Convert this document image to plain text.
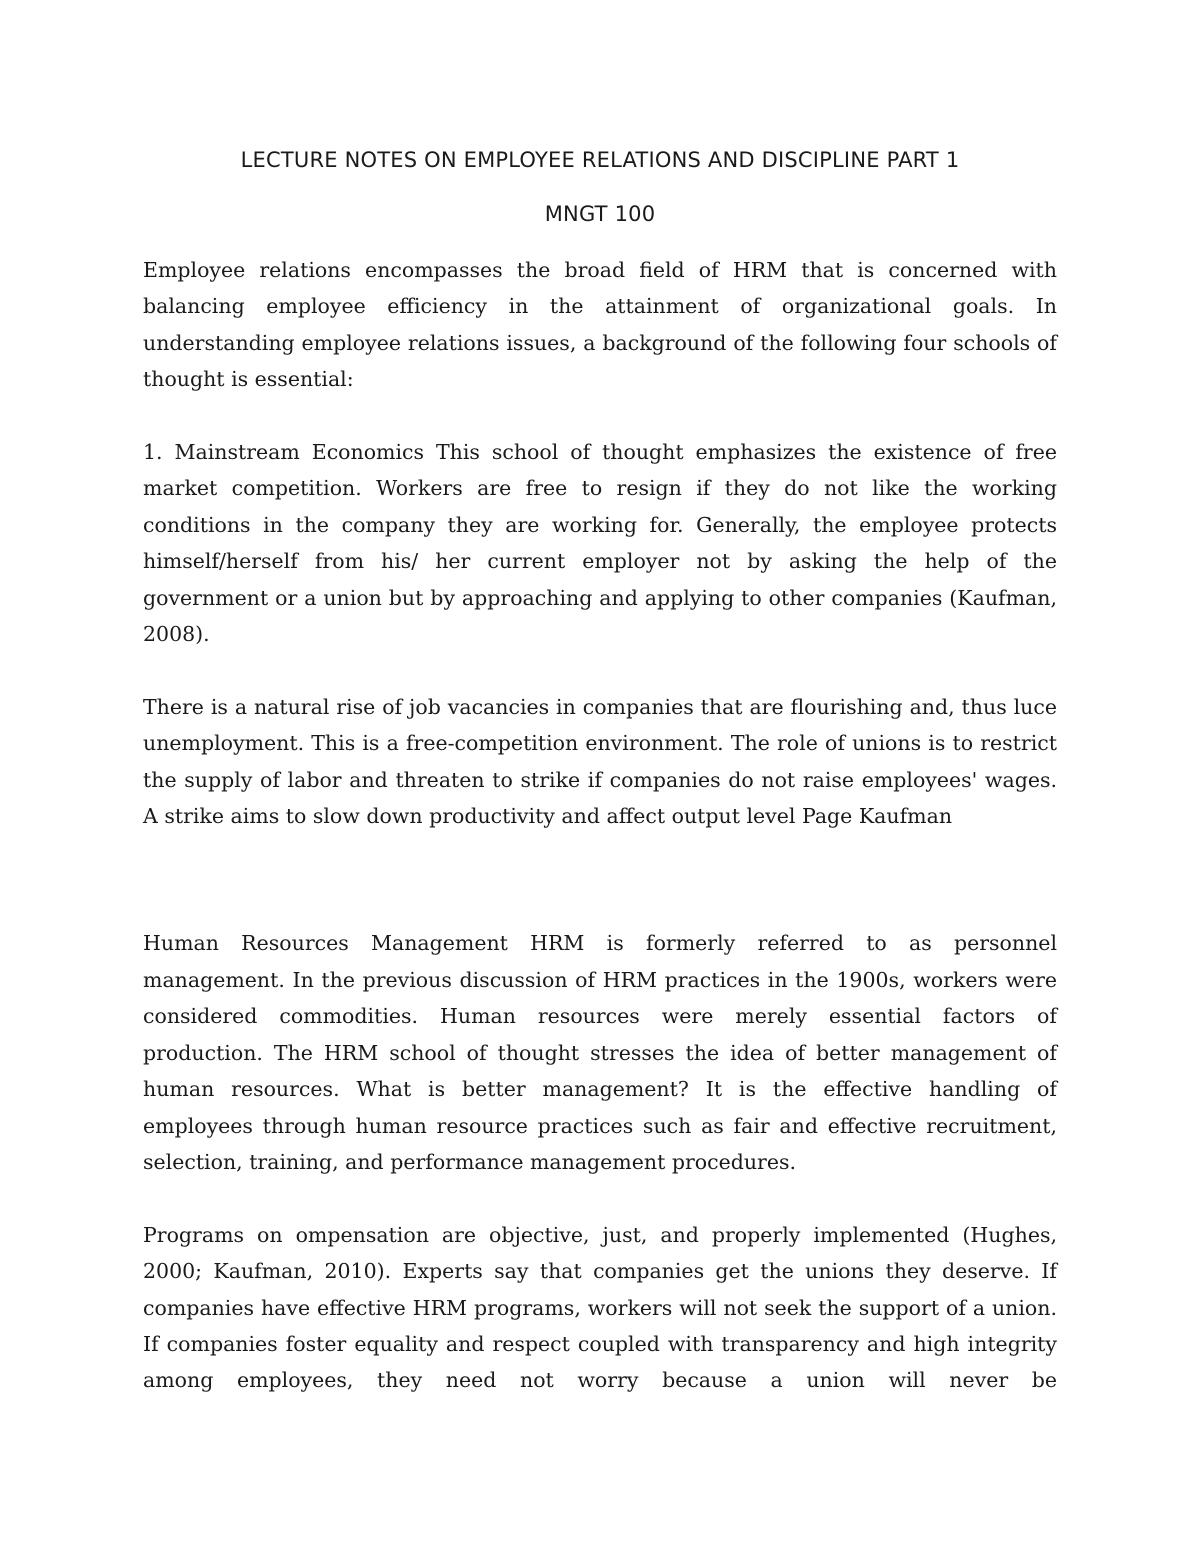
LECTURE NOTES ON EMPLOYEE RELATIONS AND DISCIPLINE PART 1
MNGT 100

Employee relations encompasses the broad field of HRM that is concerned with balancing employee efficiency in the attainment of organizational goals. In understanding employee relations issues, a background of the following four schools of thought is essential:

1. Mainstream Economics This school of thought emphasizes the existence of free market competition. Workers are free to resign if they do not like the working conditions in the company they are working for. Generally, the employee protects himself/herself from his/ her current employer not by asking the help of the government or a union but by approaching and applying to other companies (Kaufman, 2008).

There is a natural rise of job vacancies in companies that are flourishing and, thus luce unemployment. This is a free-competition environment. The role of unions is to restrict the supply of labor and threaten to strike if companies do not raise employees' wages. A strike aims to slow down productivity and affect output level Page Kaufman

Human Resources Management HRM is formerly referred to as personnel management. In the previous discussion of HRM practices in the 1900s, workers were considered commodities. Human resources were merely essential factors of production. The HRM school of thought stresses the idea of better management of human resources. What is better management? It is the effective handling of employees through human resource practices such as fair and effective recruitment, selection, training, and performance management procedures.

Programs on ompensation are objective, just, and properly implemented (Hughes, 2000; Kaufman, 2010). Experts say that companies get the unions they deserve. If companies have effective HRM programs, workers will not seek the support of a union. If companies foster equality and respect coupled with transparency and high integrity among employees, they need not worry because a union will never be
